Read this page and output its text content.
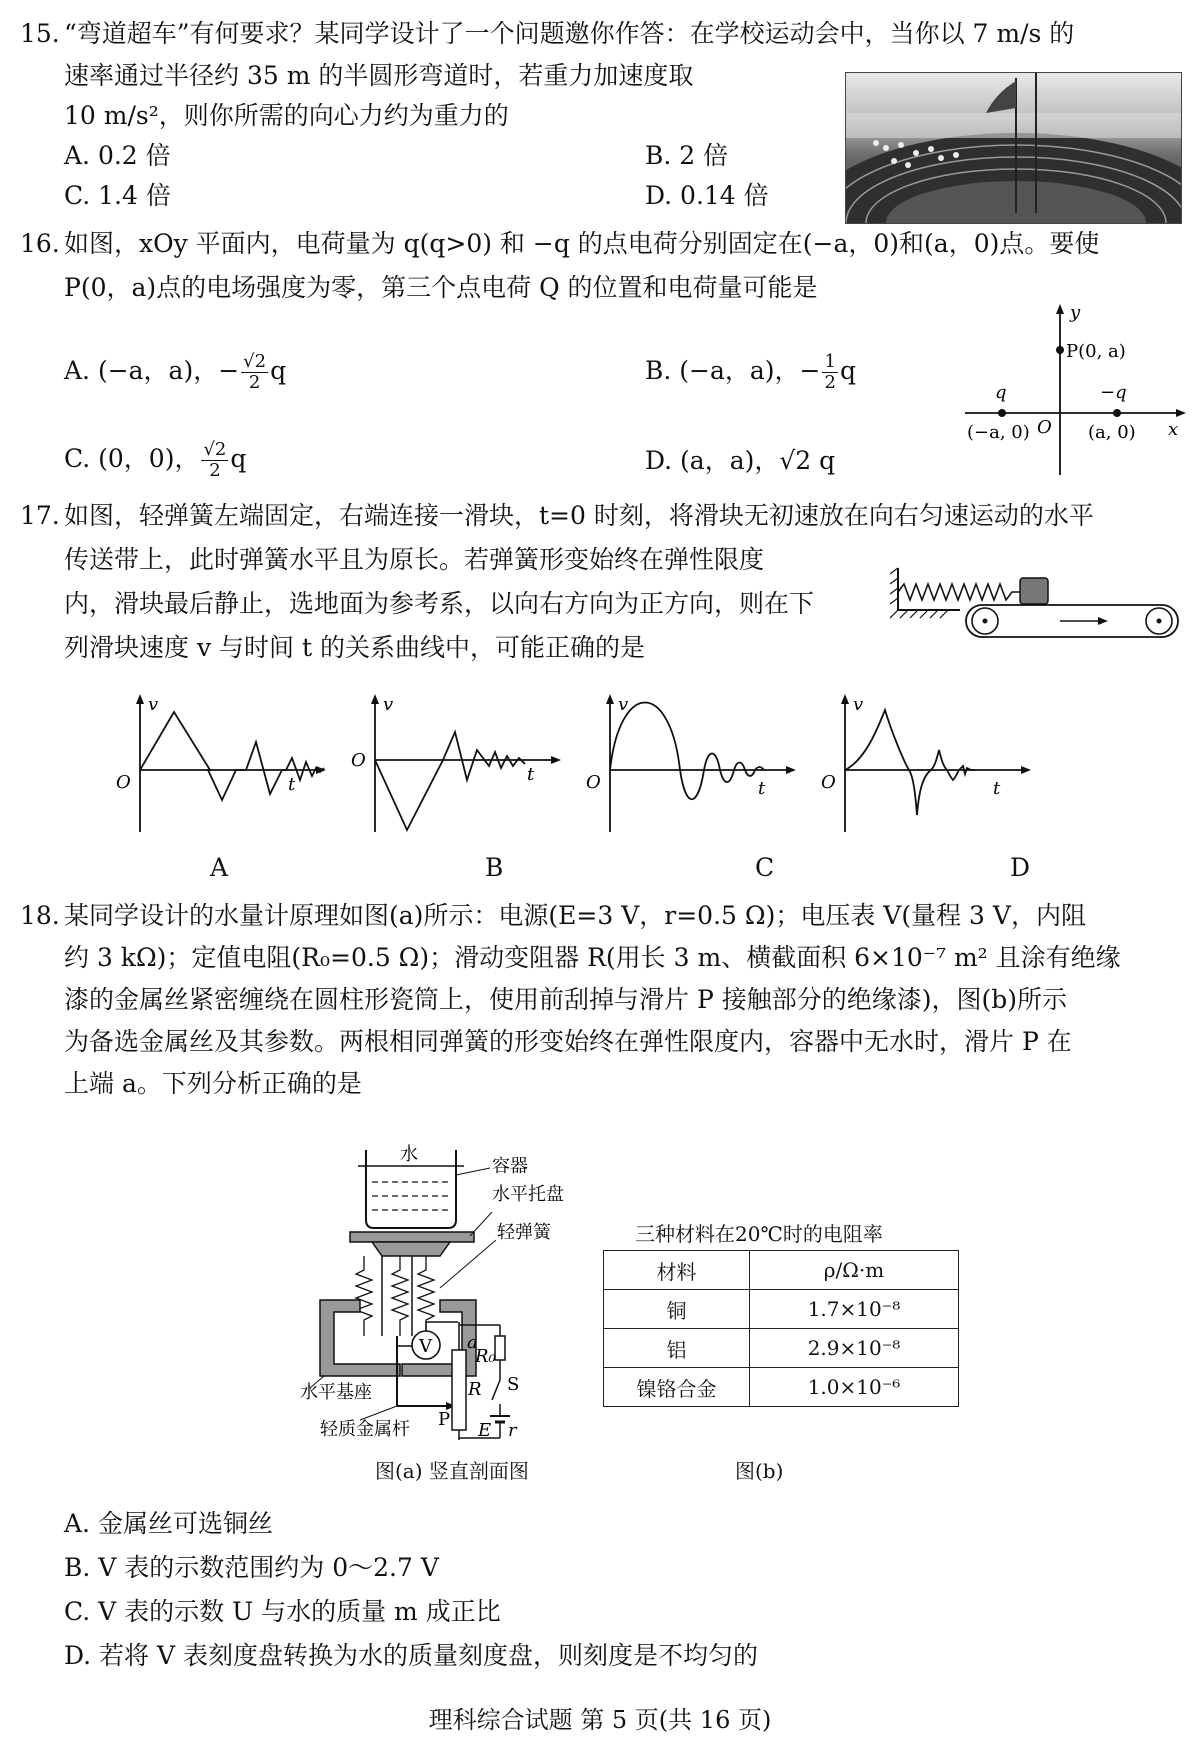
15. “弯道超车”有何要求？某同学设计了一个问题邀你作答：在学校运动会中，当你以 7 m/s 的
速率通过半径约 35 m 的半圆形弯道时，若重力加速度取
10 m/s²，则你所需的向心力约为重力的
A. 0.2 倍	B. 2 倍
C. 1.4 倍	D. 0.14 倍
16. 如图，xOy 平面内，电荷量为 q(q>0) 和 −q 的点电荷分别固定在(−a，0)和(a，0)点。要使
P(0，a)点的电场强度为零，第三个点电荷 Q 的位置和电荷量可能是
A. (−a，a)，− $\frac{√2}{2}$ q	B. (−a，a)，− $\frac{1}{2}$ q
C. (0，0)， $\frac{√2}{2}$ q	D. (a，a)，√2 q
y
x
P(0, a)
q	−q
(−a, 0) O (a, 0)
17. 如图，轻弹簧左端固定，右端连接一滑块，t=0 时刻，将滑块无初速放在向右匀速运动的水平
传送带上，此时弹簧水平且为原长。若弹簧形变始终在弹性限度
内，滑块最后静止，选地面为参考系，以向右方向为正方向，则在下
列滑块速度 v 与时间 t 的关系曲线中，可能正确的是
v
t
O
v
t
O
v
t
O
v
t
O
A	B	C	D
18. 某同学设计的水量计原理如图(a)所示：电源(E=3 V，r=0.5 Ω)；电压表 V(量程 3 V，内阻
约 3 kΩ)；定值电阻(R₀=0.5 Ω)；滑动变阻器 R(用长 3 m、横截面积 6×10⁻⁷ m² 且涂有绝缘
漆的金属丝紧密缠绕在圆柱形瓷筒上，使用前刮掉与滑片 P 接触部分的绝缘漆)，图(b)所示
为备选金属丝及其参数。两根相同弹簧的形变始终在弹性限度内，容器中无水时，滑片 P 在
上端 a。下列分析正确的是
水
容器
水平托盘
轻弹簧
水平基座
轻质金属杆
V a
R
P
R₀
S
E r
图(a) 竖直剖面图
三种材料在20℃时的电阻率
材料	ρ/Ω·m
铜	1.7×10⁻⁸
铝	2.9×10⁻⁸
镍铬合金	1.0×10⁻⁶
图(b)
A. 金属丝可选铜丝
B. V 表的示数范围约为 0～2.7 V
C. V 表的示数 U 与水的质量 m 成正比
D. 若将 V 表刻度盘转换为水的质量刻度盘，则刻度是不均匀的
理科综合试题 第 5 页(共 16 页)
